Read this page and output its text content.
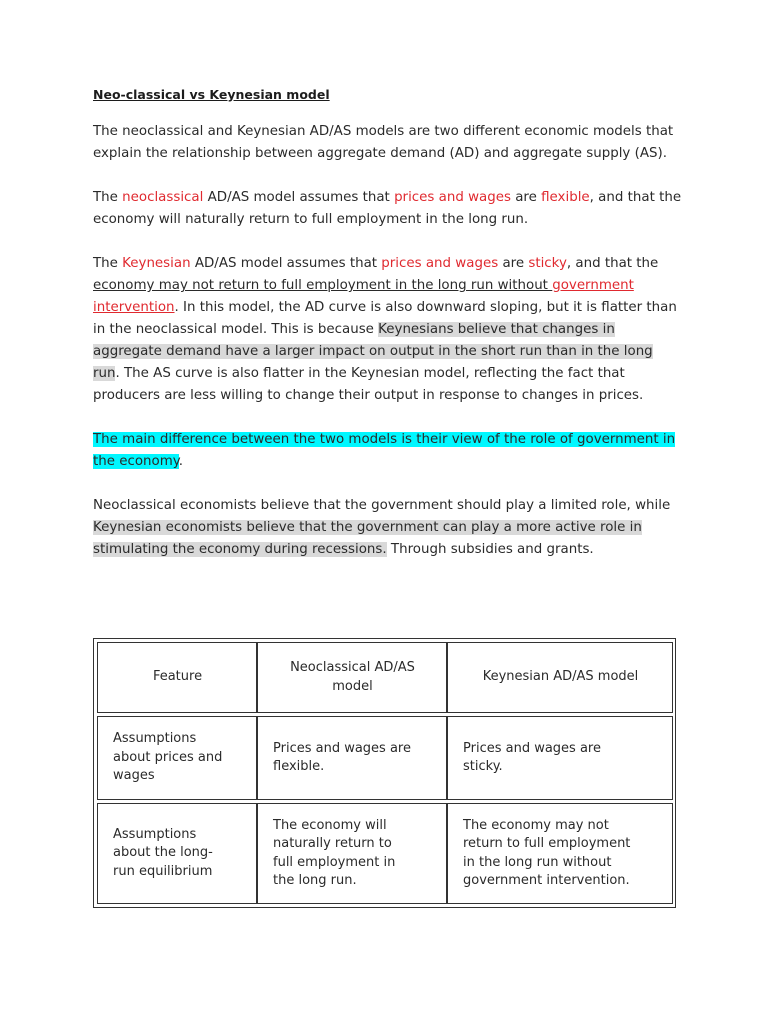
Neo-classical vs Keynesian model

The neoclassical and Keynesian AD/AS models are two different economic models that explain the relationship between aggregate demand (AD) and aggregate supply (AS).

The neoclassical AD/AS model assumes that prices and wages are flexible, and that the economy will naturally return to full employment in the long run.

The Keynesian AD/AS model assumes that prices and wages are sticky, and that the economy may not return to full employment in the long run without government intervention. In this model, the AD curve is also downward sloping, but it is flatter than in the neoclassical model. This is because Keynesians believe that changes in aggregate demand have a larger impact on output in the short run than in the long run. The AS curve is also flatter in the Keynesian model, reflecting the fact that producers are less willing to change their output in response to changes in prices.

The main difference between the two models is their view of the role of government in the economy.

Neoclassical economists believe that the government should play a limited role, while Keynesian economists believe that the government can play a more active role in stimulating the economy during recessions. Through subsidies and grants.

Feature
Neoclassical AD/AS
model
Keynesian AD/AS model
Assumptions
about prices and
wages
Prices and wages are
flexible.
Prices and wages are
sticky.
Assumptions
about the long-
run equilibrium
The economy will
naturally return to
full employment in
the long run.
The economy may not
return to full employment
in the long run without
government intervention.
